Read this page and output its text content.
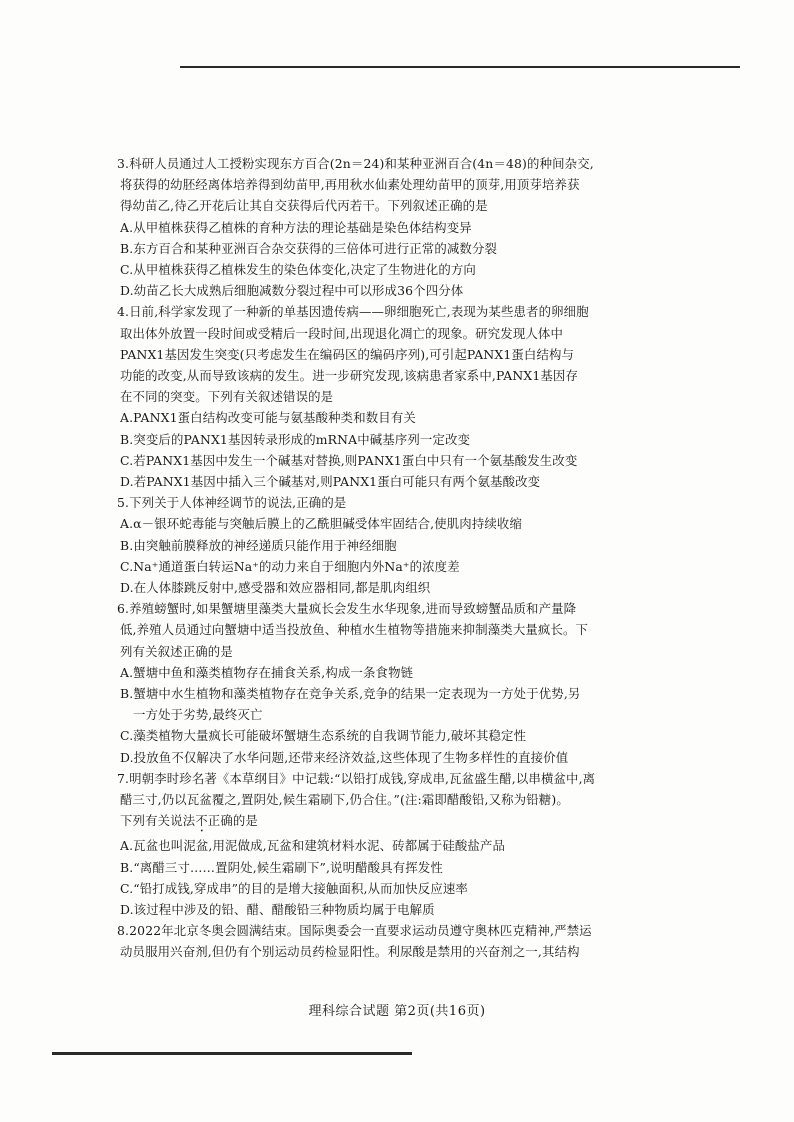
3.科研人员通过人工授粉实现东方百合(2n＝24)和某种亚洲百合(4n＝48)的种间杂交,
将获得的幼胚经离体培养得到幼苗甲,再用秋水仙素处理幼苗甲的顶芽,用顶芽培养获
得幼苗乙,待乙开花后让其自交获得后代丙若干。下列叙述正确的是
A.从甲植株获得乙植株的育种方法的理论基础是染色体结构变异
B.东方百合和某种亚洲百合杂交获得的三倍体可进行正常的减数分裂
C.从甲植株获得乙植株发生的染色体变化,决定了生物进化的方向
D.幼苗乙长大成熟后细胞减数分裂过程中可以形成36个四分体
4.日前,科学家发现了一种新的单基因遗传病——卵细胞死亡,表现为某些患者的卵细胞
取出体外放置一段时间或受精后一段时间,出现退化凋亡的现象。研究发现人体中
PANX1基因发生突变(只考虑发生在编码区的编码序列),可引起PANX1蛋白结构与
功能的改变,从而导致该病的发生。进一步研究发现,该病患者家系中,PANX1基因存
在不同的突变。下列有关叙述错误的是
A.PANX1蛋白结构改变可能与氨基酸种类和数目有关
B.突变后的PANX1基因转录形成的mRNA中碱基序列一定改变
C.若PANX1基因中发生一个碱基对替换,则PANX1蛋白中只有一个氨基酸发生改变
D.若PANX1基因中插入三个碱基对,则PANX1蛋白可能只有两个氨基酸改变
5.下列关于人体神经调节的说法,正确的是
A.α－银环蛇毒能与突触后膜上的乙酰胆碱受体牢固结合,使肌肉持续收缩
B.由突触前膜释放的神经递质只能作用于神经细胞
C.Na⁺通道蛋白转运Na⁺的动力来自于细胞内外Na⁺的浓度差
D.在人体膝跳反射中,感受器和效应器相同,都是肌肉组织
6.养殖螃蟹时,如果蟹塘里藻类大量疯长会发生水华现象,进而导致螃蟹品质和产量降
低,养殖人员通过向蟹塘中适当投放鱼、种植水生植物等措施来抑制藻类大量疯长。下
列有关叙述正确的是
A.蟹塘中鱼和藻类植物存在捕食关系,构成一条食物链
B.蟹塘中水生植物和藻类植物存在竞争关系,竞争的结果一定表现为一方处于优势,另
一方处于劣势,最终灭亡
C.藻类植物大量疯长可能破坏蟹塘生态系统的自我调节能力,破坏其稳定性
D.投放鱼不仅解决了水华问题,还带来经济效益,这些体现了生物多样性的直接价值
7.明朝李时珍名著《本草纲目》中记载:“以铅打成钱,穿成串,瓦盆盛生醋,以串横盆中,离
醋三寸,仍以瓦盆覆之,置阴处,候生霜刷下,仍合住。”(注:霜即醋酸铅,又称为铅糖)。
下列有关说法不正确的是
A.瓦盆也叫泥盆,用泥做成,瓦盆和建筑材料水泥、砖都属于硅酸盐产品
B.“离醋三寸……置阴处,候生霜刷下”,说明醋酸具有挥发性
C.“铅打成钱,穿成串”的目的是增大接触面积,从而加快反应速率
D.该过程中涉及的铅、醋、醋酸铅三种物质均属于电解质
8.2022年北京冬奥会圆满结束。国际奥委会一直要求运动员遵守奥林匹克精神,严禁运
动员服用兴奋剂,但仍有个别运动员药检显阳性。利尿酸是禁用的兴奋剂之一,其结构
理科综合试题 第2页(共16页)
